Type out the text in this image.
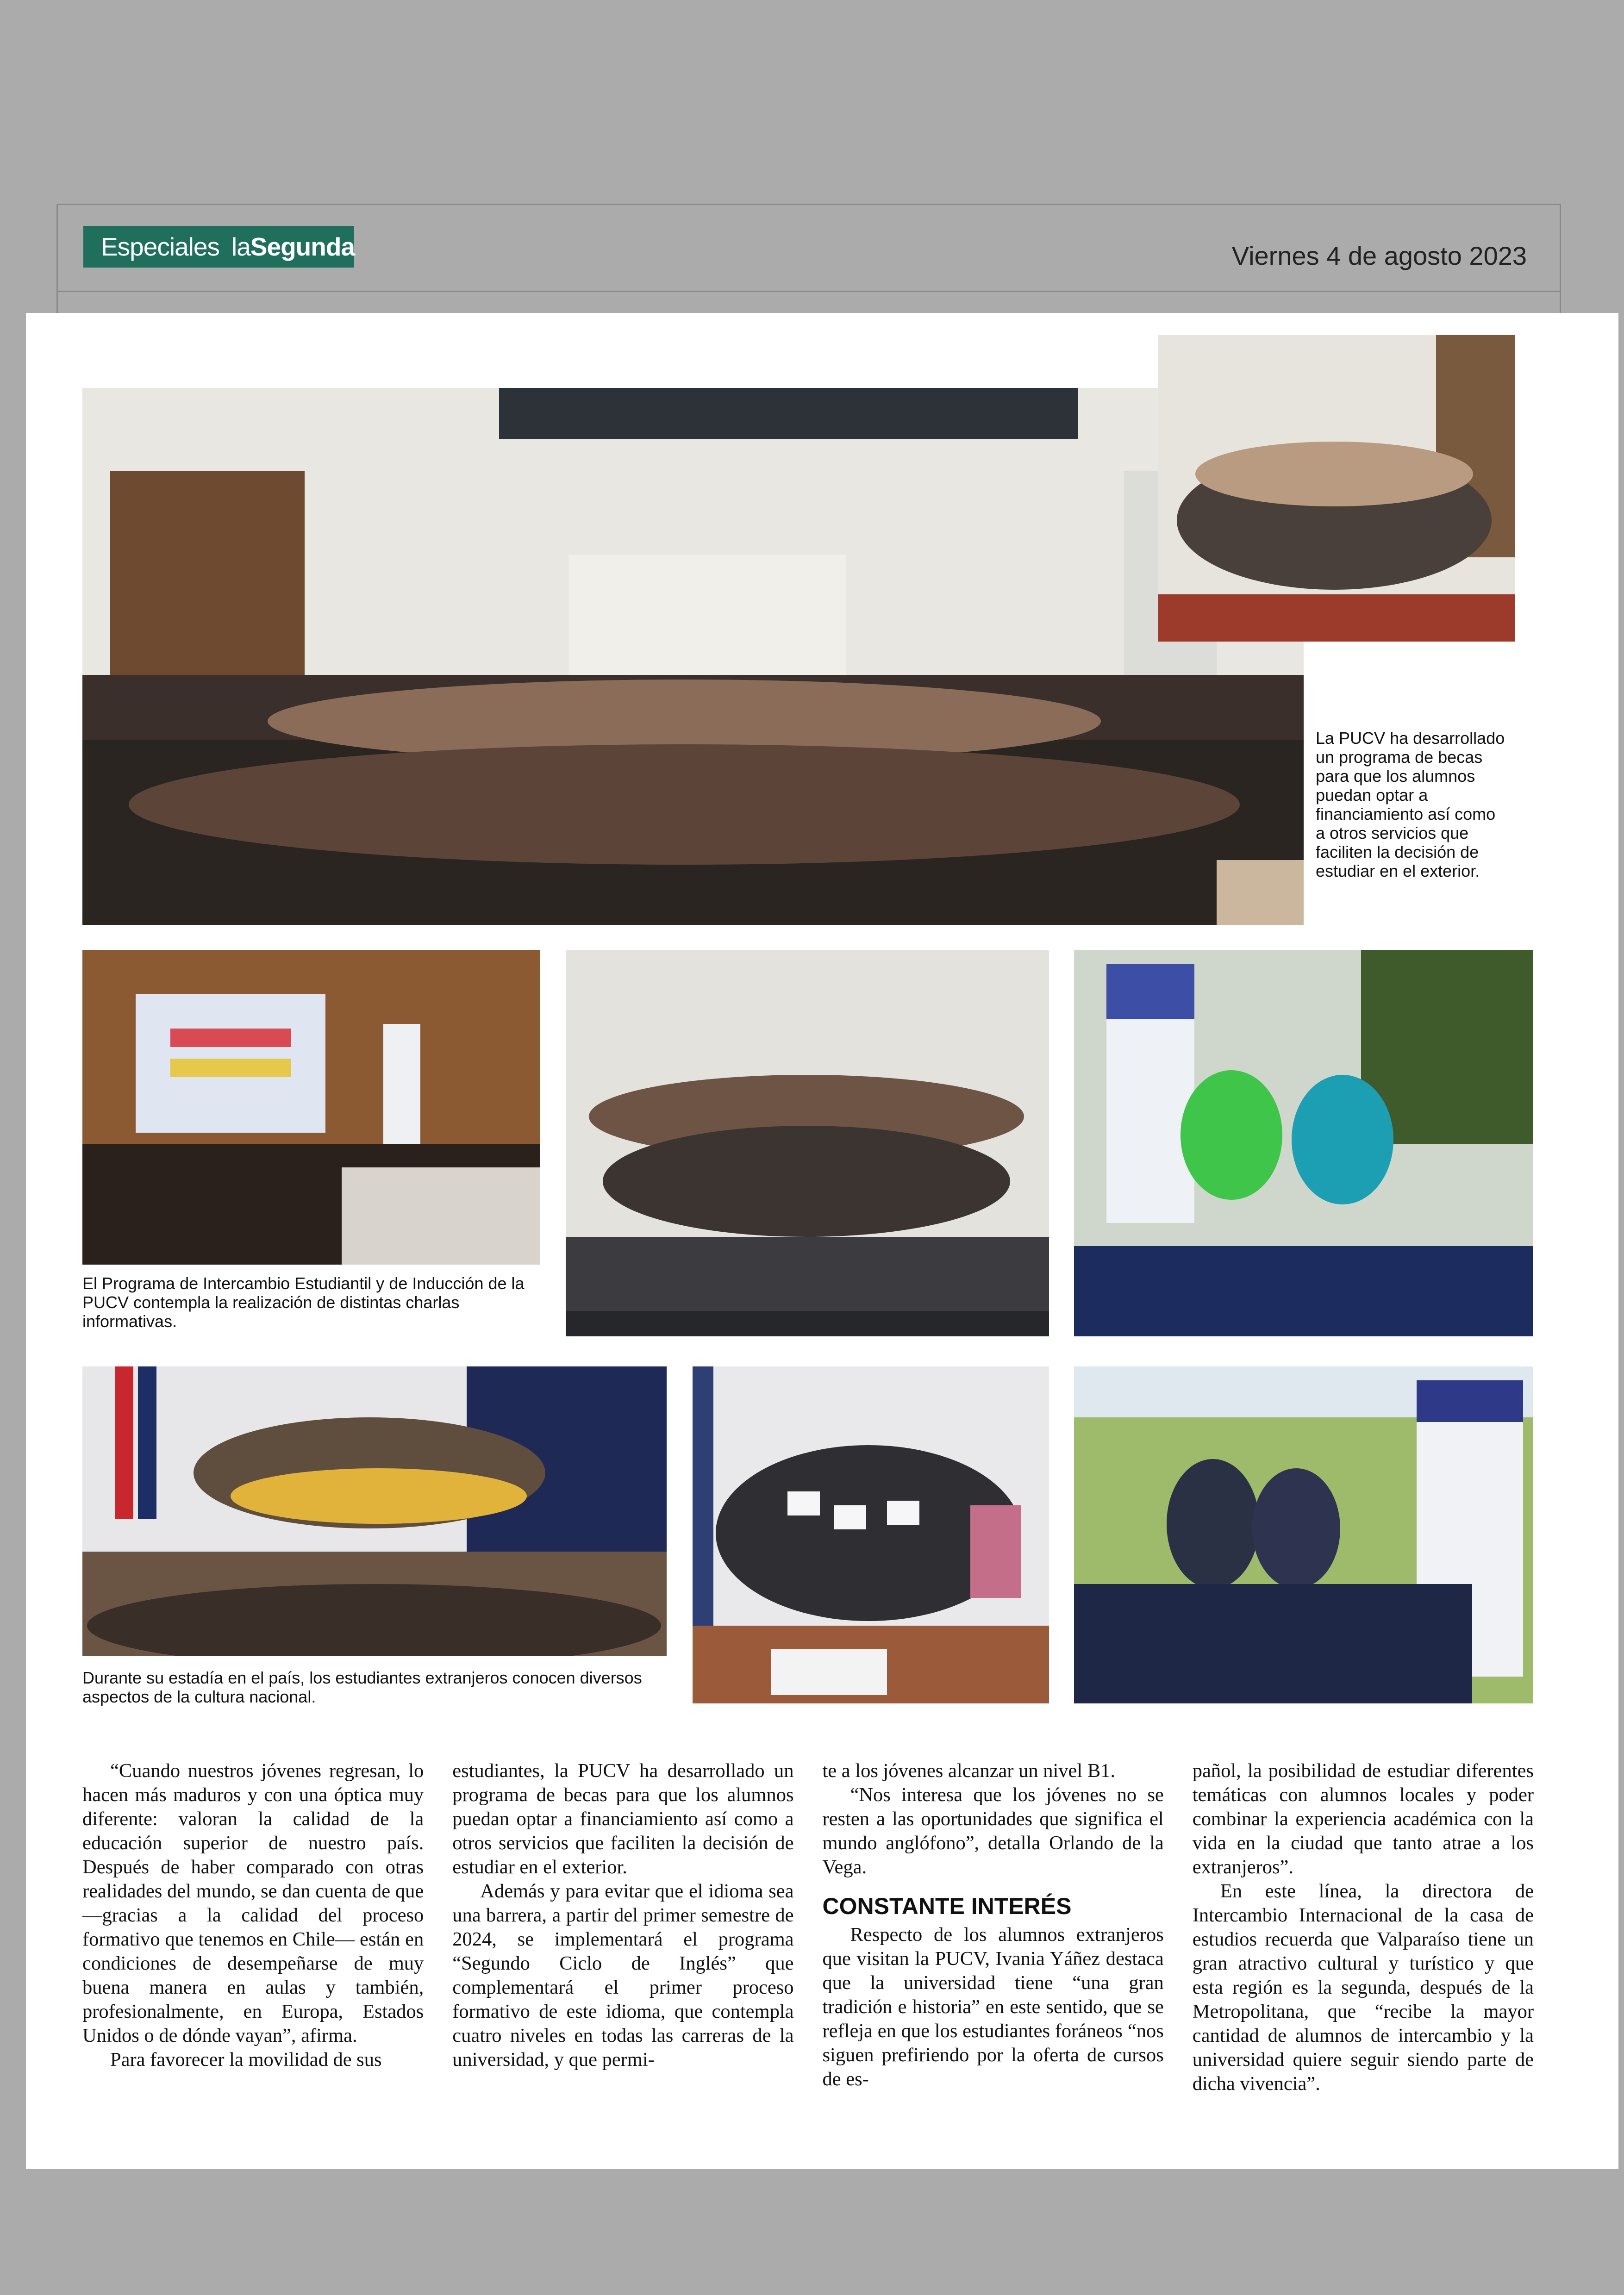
Especiales laSegunda	Viernes 4 de agosto 2023
La PUCV ha desarrollado un programa de becas para que los alumnos puedan optar a financiamiento así como a otros servicios que faciliten la decisión de estudiar en el exterior.
El Programa de Intercambio Estudiantil y de Inducción de la PUCV contempla la realización de distintas charlas informativas.
Durante su estadía en el país, los estudiantes extranjeros conocen diversos aspectos de la cultura nacional.

“Cuando nuestros jóvenes regresan, lo hacen más maduros y con una óptica muy diferente: valoran la calidad de la educación superior de nuestro país. Después de haber comparado con otras realidades del mundo, se dan cuenta de que —gracias a la calidad del proceso formativo que tenemos en Chile— están en condiciones de desempeñarse de muy buena manera en aulas y también, profesionalmente, en Europa, Estados Unidos o de dónde vayan”, afirma.

Para favorecer la movilidad de sus

estudiantes, la PUCV ha desarrollado un programa de becas para que los alumnos puedan optar a financiamiento así como a otros servicios que faciliten la decisión de estudiar en el exterior.

Además y para evitar que el idioma sea una barrera, a partir del primer semestre de 2024, se implementará el programa “Segundo Ciclo de Inglés” que complementará el primer proceso formativo de este idioma, que contempla cuatro niveles en todas las carreras de la universidad, y que permi-

te a los jóvenes alcanzar un nivel B1.

“Nos interesa que los jóvenes no se resten a las oportunidades que significa el mundo anglófono”, detalla Orlando de la Vega.

CONSTANTE INTERÉS

Respecto de los alumnos extranjeros que visitan la PUCV, Ivania Yáñez destaca que la universidad tiene “una gran tradición e historia” en este sentido, que se refleja en que los estudiantes foráneos “nos siguen prefiriendo por la oferta de cursos de es-

pañol, la posibilidad de estudiar diferentes temáticas con alumnos locales y poder combinar la experiencia académica con la vida en la ciudad que tanto atrae a los extranjeros”.

En este línea, la directora de Intercambio Internacional de la casa de estudios recuerda que Valparaíso tiene un gran atractivo cultural y turístico y que esta región es la segunda, después de la Metropolitana, que “recibe la mayor cantidad de alumnos de intercambio y la universidad quiere seguir siendo parte de dicha vivencia”.
